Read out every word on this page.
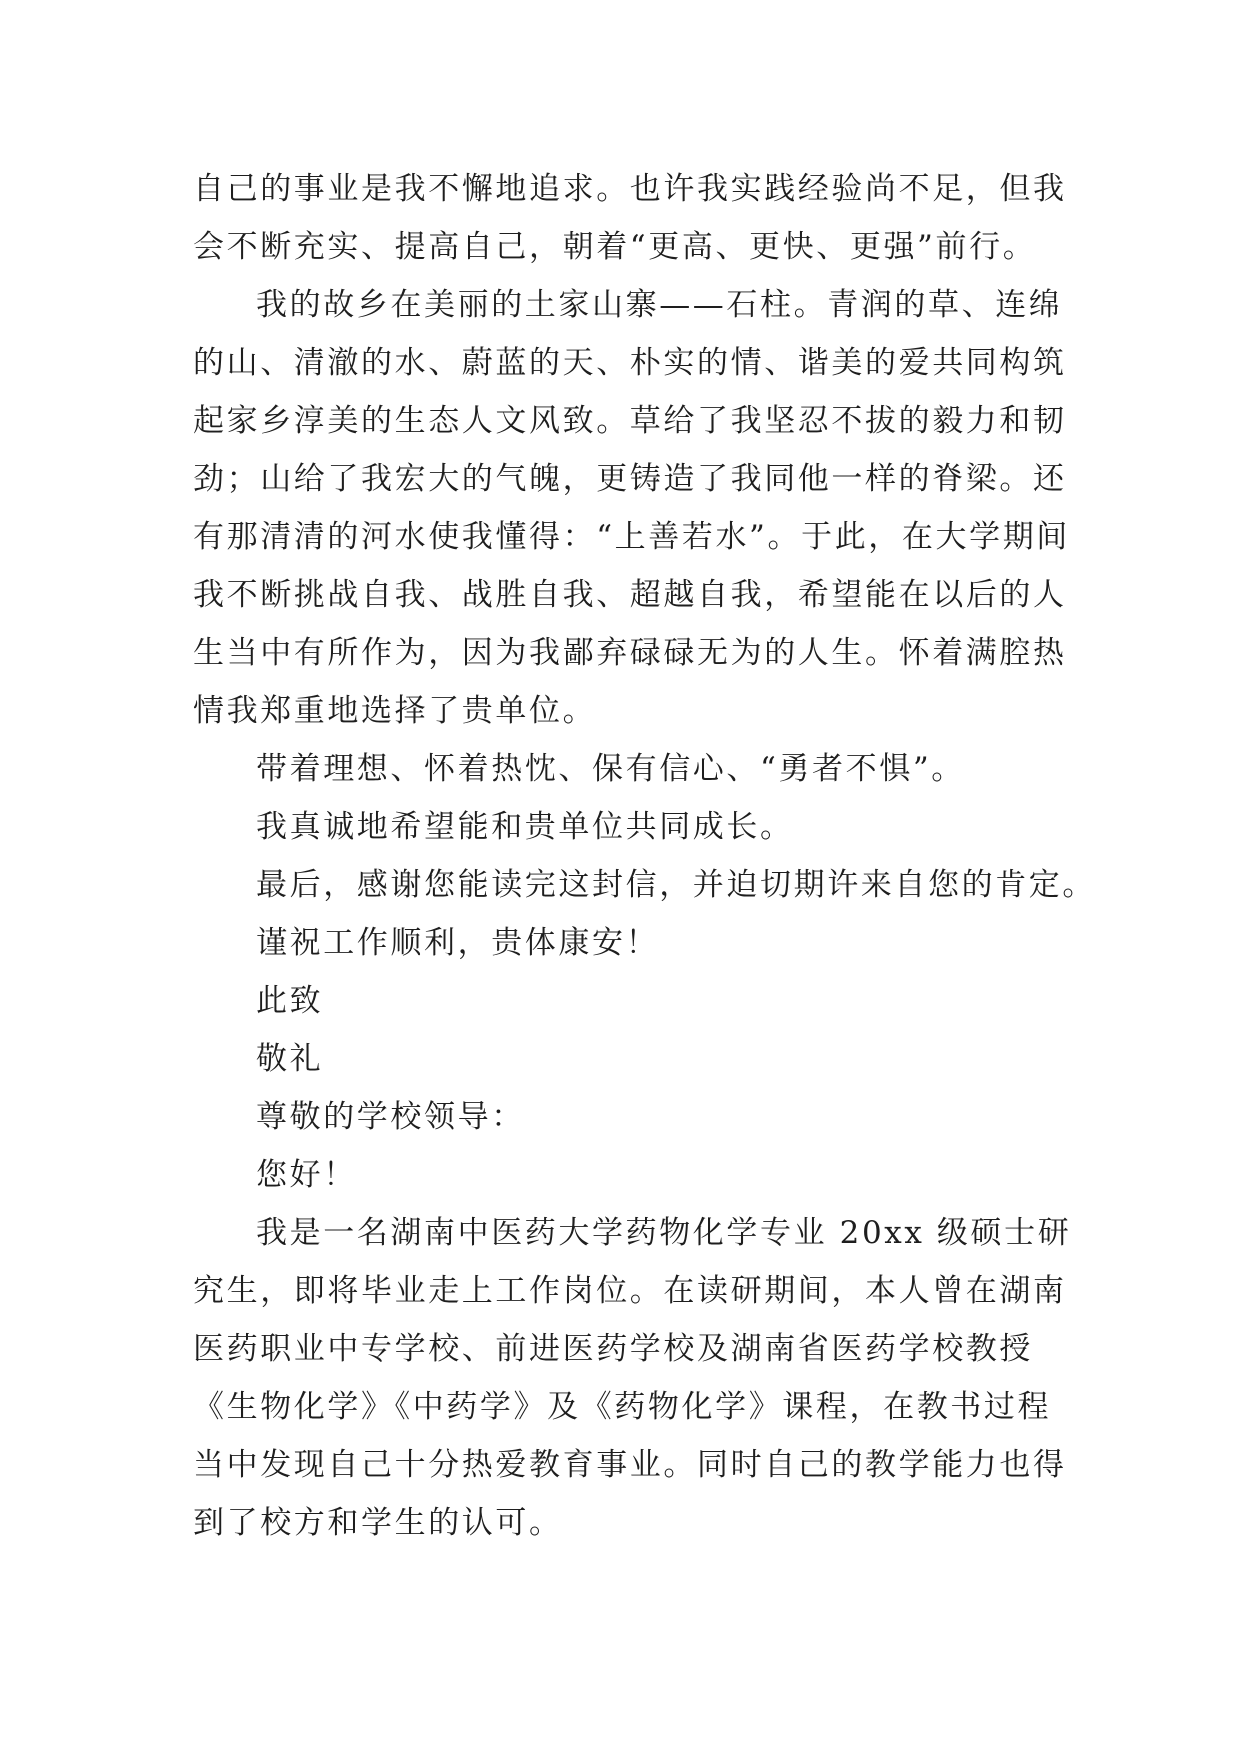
自己的事业是我不懈地追求。也许我实践经验尚不足，但我
会不断充实、提高自己，朝着“更高、更快、更强”前行。
我的故乡在美丽的土家山寨——石柱。青润的草、连绵
的山、清澈的水、蔚蓝的天、朴实的情、谐美的爱共同构筑
起家乡淳美的生态人文风致。草给了我坚忍不拔的毅力和韧
劲；山给了我宏大的气魄，更铸造了我同他一样的脊梁。还
有那清清的河水使我懂得：“上善若水”。于此，在大学期间
我不断挑战自我、战胜自我、超越自我，希望能在以后的人
生当中有所作为，因为我鄙弃碌碌无为的人生。怀着满腔热
情我郑重地选择了贵单位。
带着理想、怀着热忱、保有信心、“勇者不惧”。
我真诚地希望能和贵单位共同成长。
最后，感谢您能读完这封信，并迫切期许来自您的肯定。
谨祝工作顺利，贵体康安！
此致
敬礼
尊敬的学校领导：
您好！
我是一名湖南中医药大学药物化学专业 20xx 级硕士研
究生，即将毕业走上工作岗位。在读研期间，本人曾在湖南
医药职业中专学校、前进医药学校及湖南省医药学校教授
《生物化学》《中药学》及《药物化学》课程，在教书过程
当中发现自己十分热爱教育事业。同时自己的教学能力也得
到了校方和学生的认可。
